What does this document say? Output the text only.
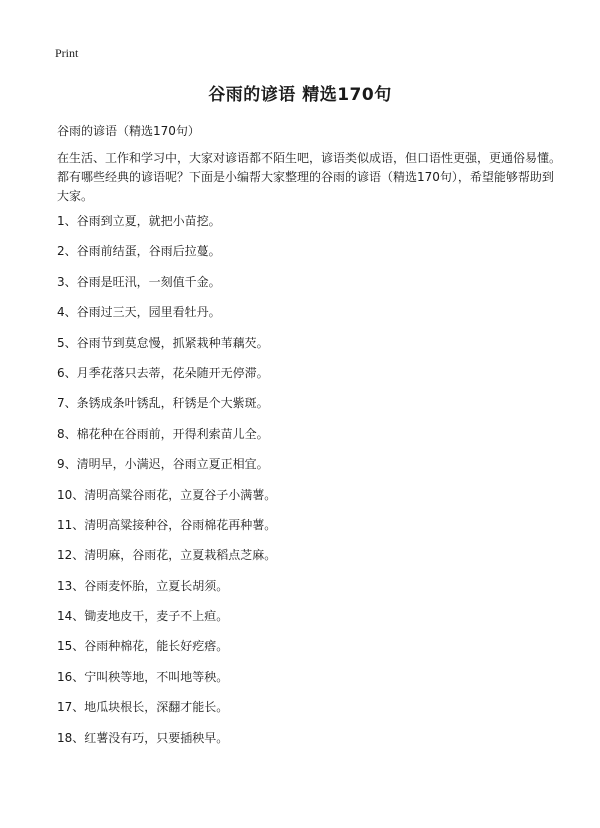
Print
谷雨的谚语 精选170句

谷雨的谚语（精选170句）

在生活、工作和学习中，大家对谚语都不陌生吧，谚语类似成语，但口语性更强，更通俗易懂。都有哪些经典的谚语呢？下面是小编帮大家整理的谷雨的谚语（精选170句），希望能够帮助到大家。

1、谷雨到立夏，就把小苗挖。
2、谷雨前结蛋，谷雨后拉蔓。
3、谷雨是旺汛，一刻值千金。
4、谷雨过三天，园里看牡丹。
5、谷雨节到莫怠慢，抓紧栽种苇藕芡。
6、月季花落只去蒂，花朵随开无停滞。
7、条锈成条叶锈乱，秆锈是个大紫斑。
8、棉花种在谷雨前，开得利索苗儿全。
9、清明早，小满迟，谷雨立夏正相宜。
10、清明高粱谷雨花，立夏谷子小满薯。
11、清明高粱接种谷，谷雨棉花再种薯。
12、清明麻，谷雨花，立夏栽稻点芝麻。
13、谷雨麦怀胎，立夏长胡须。
14、锄麦地皮干，麦子不上疸。
15、谷雨种棉花，能长好疙瘩。
16、宁叫秧等地，不叫地等秧。
17、地瓜块根长，深翻才能长。
18、红薯没有巧，只要插秧早。
